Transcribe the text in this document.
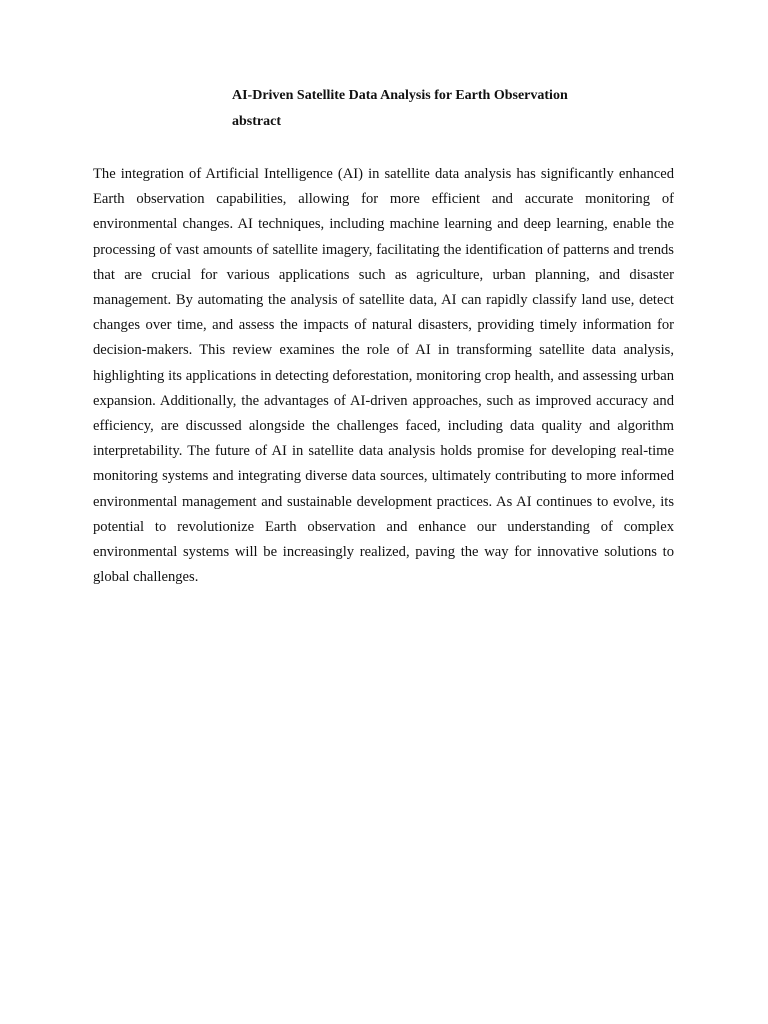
AI-Driven Satellite Data Analysis for Earth Observation
abstract

The integration of Artificial Intelligence (AI) in satellite data analysis has significantly enhanced Earth observation capabilities, allowing for more efficient and accurate monitoring of environmental changes. AI techniques, including machine learning and deep learning, enable the processing of vast amounts of satellite imagery, facilitating the identification of patterns and trends that are crucial for various applications such as agriculture, urban planning, and disaster management. By automating the analysis of satellite data, AI can rapidly classify land use, detect changes over time, and assess the impacts of natural disasters, providing timely information for decision-makers. This review examines the role of AI in transforming satellite data analysis, highlighting its applications in detecting deforestation, monitoring crop health, and assessing urban expansion. Additionally, the advantages of AI-driven approaches, such as improved accuracy and efficiency, are discussed alongside the challenges faced, including data quality and algorithm interpretability. The future of AI in satellite data analysis holds promise for developing real-time monitoring systems and integrating diverse data sources, ultimately contributing to more informed environmental management and sustainable development practices. As AI continues to evolve, its potential to revolutionize Earth observation and enhance our understanding of complex environmental systems will be increasingly realized, paving the way for innovative solutions to global challenges.
